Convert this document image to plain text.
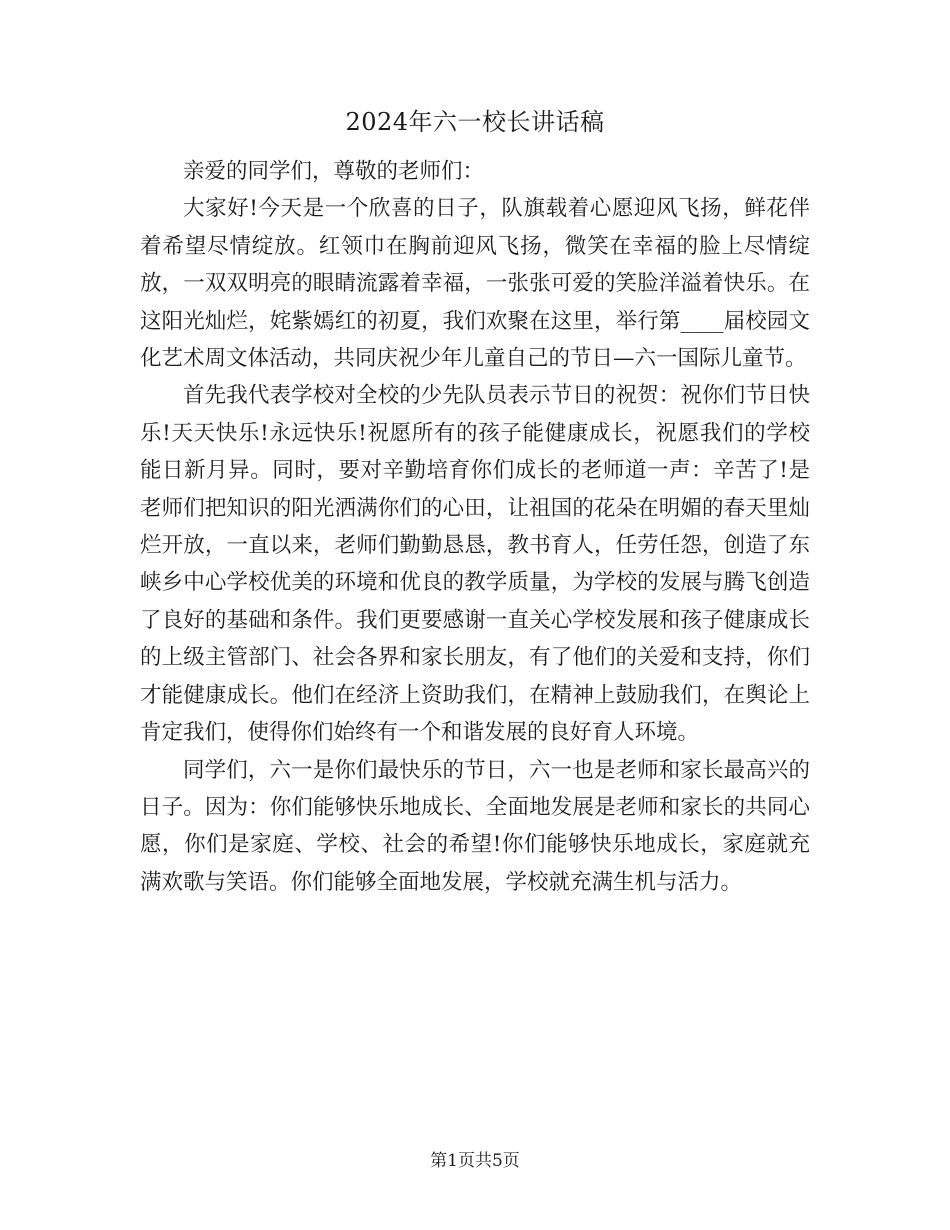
2024年六一校长讲话稿

亲爱的同学们，尊敬的老师们：

大家好!今天是一个欣喜的日子，队旗载着心愿迎风飞扬，鲜花伴着希望尽情绽放。红领巾在胸前迎风飞扬，微笑在幸福的脸上尽情绽放，一双双明亮的眼睛流露着幸福，一张张可爱的笑脸洋溢着快乐。在这阳光灿烂，姹紫嫣红的初夏，我们欢聚在这里，举行第____届校园文化艺术周文体活动，共同庆祝少年儿童自己的节日—六一国际儿童节。

首先我代表学校对全校的少先队员表示节日的祝贺：祝你们节日快乐!天天快乐!永远快乐!祝愿所有的孩子能健康成长，祝愿我们的学校能日新月异。同时，要对辛勤培育你们成长的老师道一声：辛苦了!是老师们把知识的阳光洒满你们的心田，让祖国的花朵在明媚的春天里灿烂开放，一直以来，老师们勤勤恳恳，教书育人，任劳任怨，创造了东峡乡中心学校优美的环境和优良的教学质量，为学校的发展与腾飞创造了良好的基础和条件。我们更要感谢一直关心学校发展和孩子健康成长的上级主管部门、社会各界和家长朋友，有了他们的关爱和支持，你们才能健康成长。他们在经济上资助我们，在精神上鼓励我们，在舆论上肯定我们，使得你们始终有一个和谐发展的良好育人环境。

同学们，六一是你们最快乐的节日，六一也是老师和家长最高兴的日子。因为：你们能够快乐地成长、全面地发展是老师和家长的共同心愿，你们是家庭、学校、社会的希望!你们能够快乐地成长，家庭就充满欢歌与笑语。你们能够全面地发展，学校就充满生机与活力。

第1页共5页
